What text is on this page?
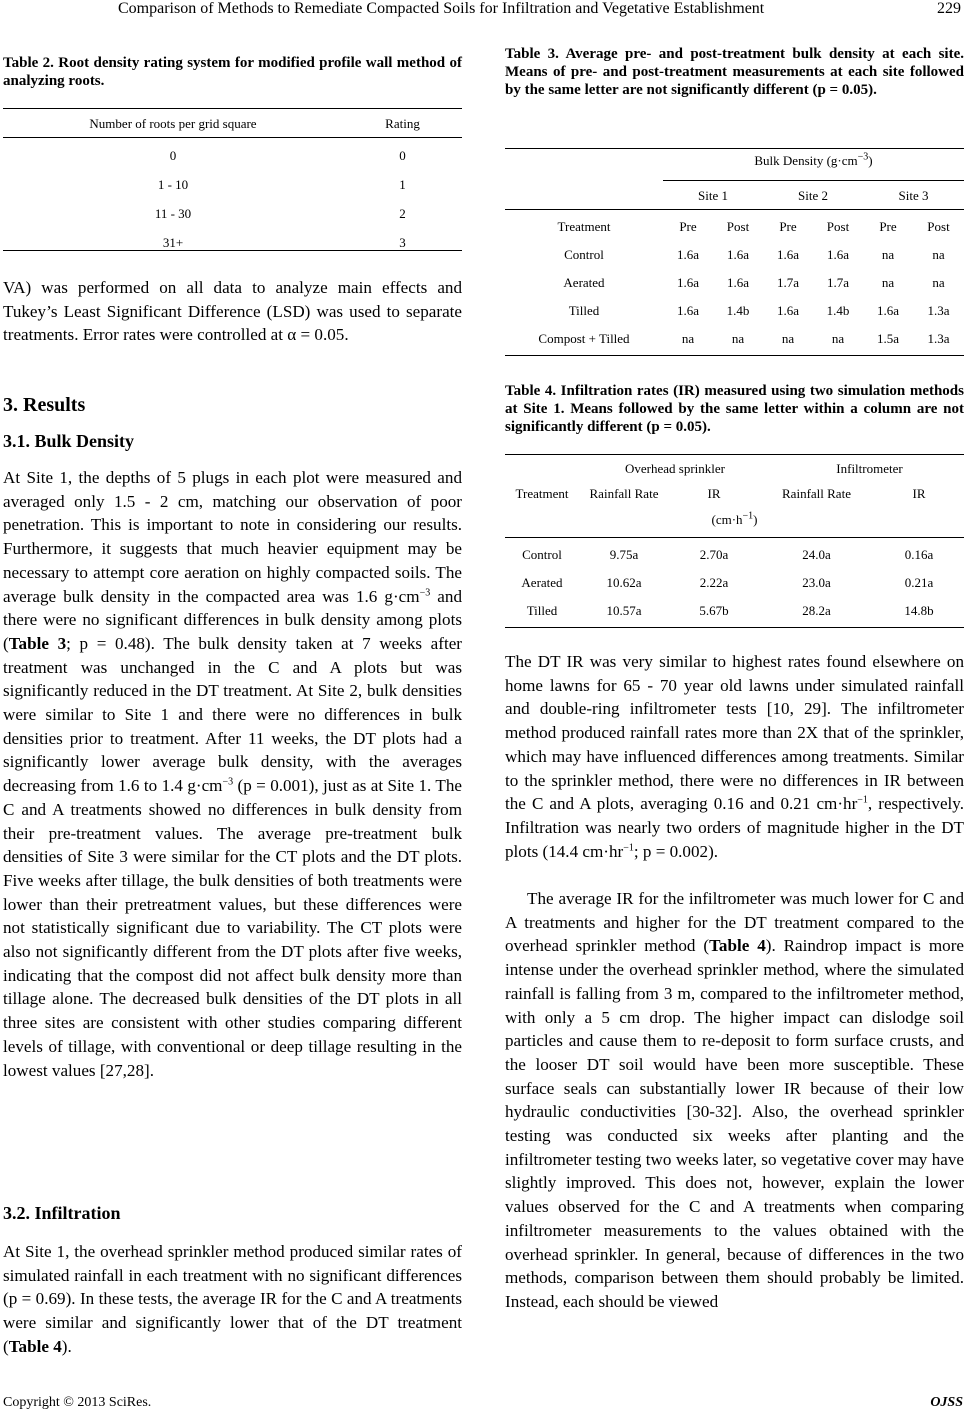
Comparison of Methods to Remediate Compacted Soils for Infiltration and Vegetative Establishment	229

Table 2. Root density rating system for modified profile wall method of analyzing roots.

Number of roots per grid square	Rating
0	0
1 - 10	1
11 - 30	2
31+	3

VA) was performed on all data to analyze main effects and Tukey’s Least Significant Difference (LSD) was used to separate treatments. Error rates were controlled at α = 0.05.

3. Results
3.1. Bulk Density

At Site 1, the depths of 5 plugs in each plot were measured and averaged only 1.5 - 2 cm, matching our observation of poor penetration. This is important to note in considering our results. Furthermore, it suggests that much heavier equipment may be necessary to attempt core aeration on highly compacted soils. The average bulk density in the compacted area was 1.6 $g\cdot cm^{-3}$ and there were no significant differences in bulk density among plots (Table 3; p = 0.48). The bulk density taken at 7 weeks after treatment was unchanged in the C and A plots but was significantly reduced in the DT treatment. At Site 2, bulk densities were similar to Site 1 and there were no differences in bulk densities prior to treatment. After 11 weeks, the DT plots had a significantly lower average bulk density, with the averages decreasing from 1.6 to 1.4 $g\cdot cm^{-3}$ (p = 0.001), just as at Site 1. The C and A treatments showed no differences in bulk density from their pre-treatment values. The average pre-treatment bulk densities of Site 3 were similar for the CT plots and the DT plots. Five weeks after tillage, the bulk densities of both treatments were lower than their pretreatment values, but these differences were not statistically significant due to variability. The CT plots were also not significantly different from the DT plots after five weeks, indicating that the compost did not affect bulk density more than tillage alone. The decreased bulk densities of the DT plots in all three sites are consistent with other studies comparing different levels of tillage, with conventional or deep tillage resulting in the lowest values [27,28].

3.2. Infiltration

At Site 1, the overhead sprinkler method produced similar rates of simulated rainfall in each treatment with no significant differences (p = 0.69). In these tests, the average IR for the C and A treatments were similar and significantly lower that of the DT treatment (Table 4).

Table 3. Average pre- and post-treatment bulk density at each site. Means of pre- and post-treatment measurements at each site followed by the same letter are not significantly different (p = 0.05).

Bulk Density $(g\cdot cm^{-3})$
Site 1	Site 2	Site 3
Treatment	Pre	Post	Pre	Post	Pre	Post
Control	1.6a	1.6a	1.6a	1.6a	na	na
Aerated	1.6a	1.6a	1.7a	1.7a	na	na
Tilled	1.6a	1.4b	1.6a	1.4b	1.6a	1.3a
Compost + Tilled	na	na	na	na	1.5a	1.3a

Table 4. Infiltration rates (IR) measured using two simulation methods at Site 1. Means followed by the same letter within a column are not significantly different (p = 0.05).

	Overhead sprinkler	Infiltrometer
Treatment	Rainfall Rate	IR	Rainfall Rate	IR
$(cm\cdot h^{-1})$
Control	9.75a	2.70a	24.0a	0.16a
Aerated	10.62a	2.22a	23.0a	0.21a
Tilled	10.57a	5.67b	28.2a	14.8b

The DT IR was very similar to highest rates found elsewhere on home lawns for 65 - 70 year old lawns under simulated rainfall and double-ring infiltrometer tests [10, 29]. The infiltrometer method produced rainfall rates more than 2X that of the sprinkler, which may have influenced differences among treatments. Similar to the sprinkler method, there were no differences in IR between the C and A plots, averaging 0.16 and 0.21 $cm\cdot hr^{-1}$, respectively. Infiltration was nearly two orders of magnitude higher in the DT plots (14.4 $cm\cdot hr^{-1}$; p = 0.002).

The average IR for the infiltrometer was much lower for C and A treatments and higher for the DT treatment compared to the overhead sprinkler method (Table 4). Raindrop impact is more intense under the overhead sprinkler method, where the simulated rainfall is falling from 3 m, compared to the infiltrometer method, with only a 5 cm drop. The higher impact can dislodge soil particles and cause them to re-deposit to form surface crusts, and the looser DT soil would have been more susceptible. These surface seals can substantially lower IR because of their low hydraulic conductivities [30-32]. Also, the overhead sprinkler testing was conducted six weeks after planting and the infiltrometer testing two weeks later, so vegetative cover may have slightly improved. This does not, however, explain the lower values observed for the C and A treatments when comparing infiltrometer measurements to the values obtained with the overhead sprinkler. In general, because of differences in the two methods, comparison between them should probably be limited. Instead, each should be viewed

Copyright © 2013 SciRes.	OJSS
